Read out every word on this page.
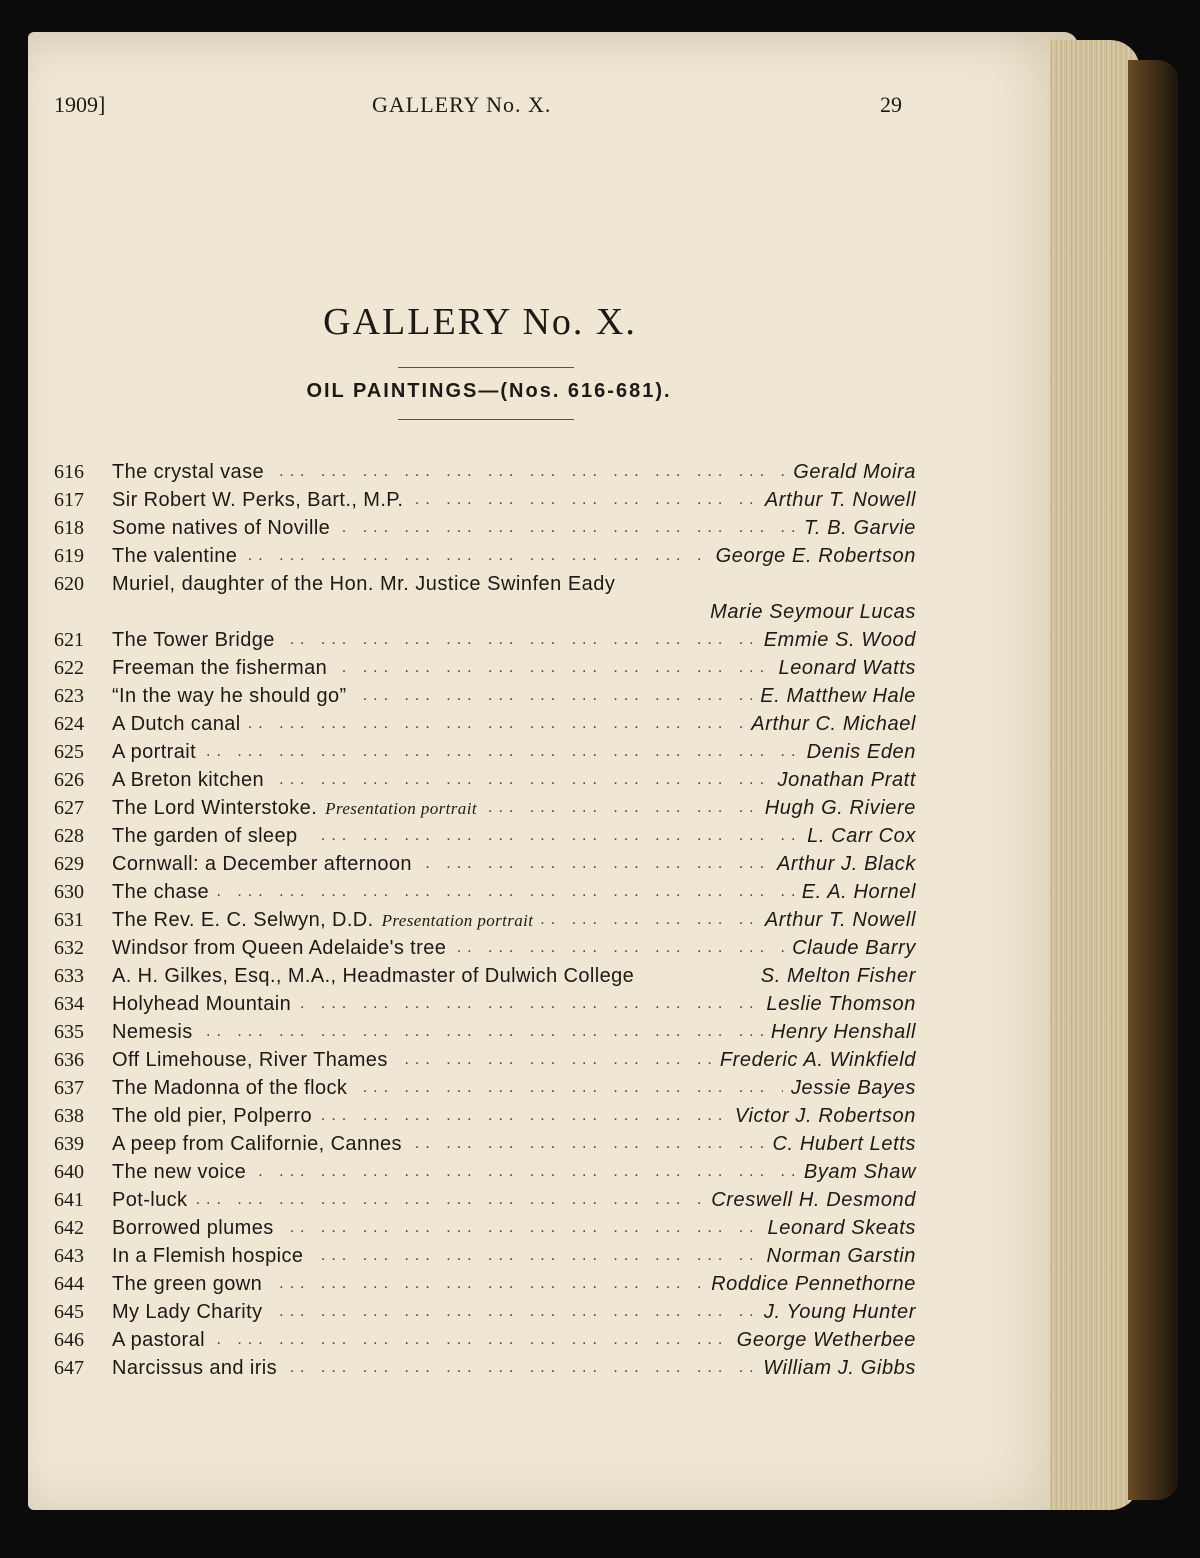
1909]	GALLERY No. X.	29
GALLERY No. X.
OIL PAINTINGS—(Nos. 616-681).
616 ... .	The crystal vase	Gerald Moira
617 ... .	Sir Robert W. Perks, Bart., M.P.	Arthur T. Nowell
618 ... .	Some natives of Noville	T. B. Garvie
619 ... .	The valentine	George E. Robertson
620	Muriel, daughter of the Hon. Mr. Justice Swinfen Eady
Marie Seymour Lucas
621 ... .	The Tower Bridge	Emmie S. Wood
622 ... .	Freeman the fisherman	Leonard Watts
623 ... .	“In the way he should go”	E. Matthew Hale
624 ... .	A Dutch canal	Arthur C. Michael
625 ... .	A portrait	Denis Eden
626 ... .	A Breton kitchen	Jonathan Pratt
627 ... .	The Lord Winterstoke. Presentation portrait	Hugh G. Riviere
628 ... .	The garden of sleep	L. Carr Cox
629 ... .	Cornwall: a December afternoon	Arthur J. Black
630 ... .	The chase	E. A. Hornel
631 ... .	The Rev. E. C. Selwyn, D.D. Presentation portrait	Arthur T. Nowell
632 ... .	Windsor from Queen Adelaide's tree	Claude Barry
633	A. H. Gilkes, Esq., M.A., Headmaster of Dulwich College	S. Melton Fisher
634 ... .	Holyhead Mountain	Leslie Thomson
635 ... .	Nemesis	Henry Henshall
636 ... .	Off Limehouse, River Thames	Frederic A. Winkfield
637 ... .	The Madonna of the flock	Jessie Bayes
638 ... .	The old pier, Polperro	Victor J. Robertson
639 ... .	A peep from Californie, Cannes	C. Hubert Letts
640 ... .	The new voice	Byam Shaw
641 ... .	Pot-luck	Creswell H. Desmond
642 ... .	Borrowed plumes	Leonard Skeats
643 ... .	In a Flemish hospice	Norman Garstin
644 ... .	The green gown	Roddice Pennethorne
645 ... .	My Lady Charity	J. Young Hunter
646 ... .	A pastoral	George Wetherbee
647 ... .	Narcissus and iris	William J. Gibbs
